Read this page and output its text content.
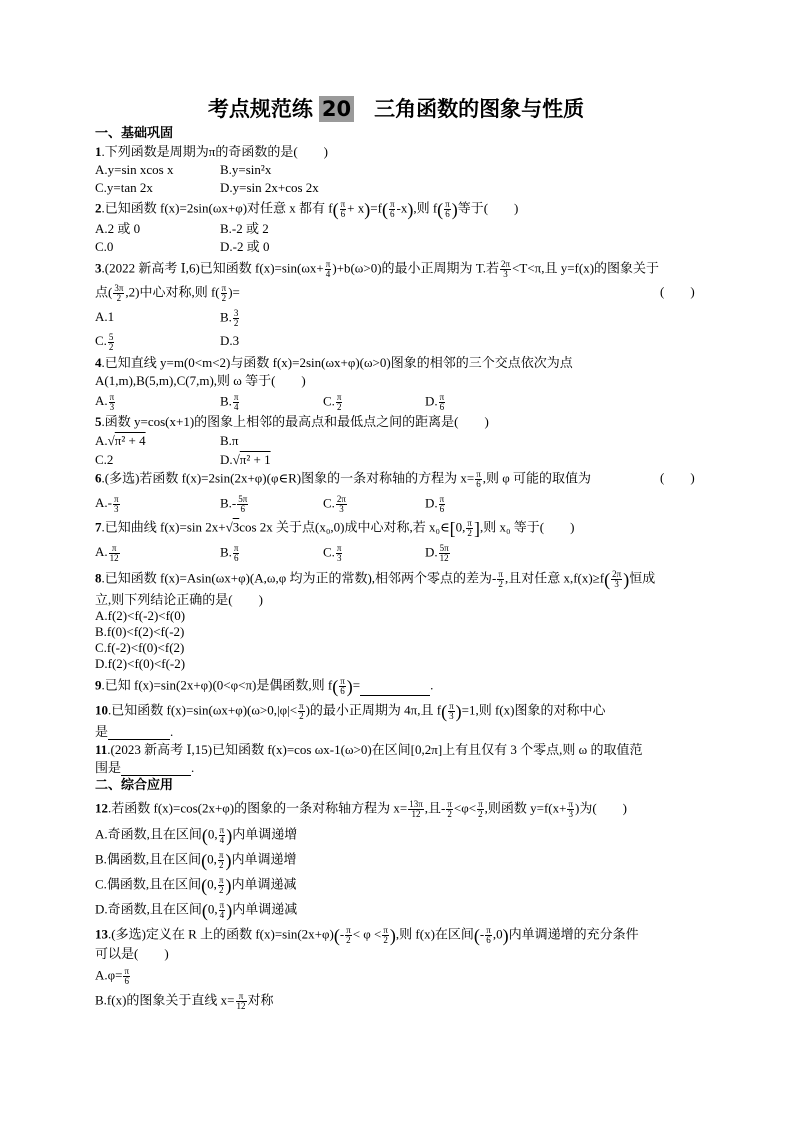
考点规范练 20 三角函数的图象与性质
一、基础巩固
1.下列函数是周期为π的奇函数的是(　　)
A.y=sin xcos x	B.y=sin²x
C.y=tan 2x	D.y=sin 2x+cos 2x
2.已知函数 f(x)=2sin(ωx+φ)对任意 x 都有 $f( \frac{\pi}{6} + x)=f( \frac{\pi}{6} -x)$,则 $f( \frac{\pi}{6}$ )等于(　　)
A.2 或 0	B.-2 或 2
C.0	D.-2 或 0
3.(2022 新高考 Ⅰ,6)已知函数 $f(x)=\sin(\omega x+ \frac{\pi}{4} )+b(\omega>0)$的最小正周期为 T.若 $\frac{2\pi}{3} <T<\pi$,且 y=f(x)的图象关于
点( $\frac{3\pi}{2} ,2$)中心对称,则 $f( \frac{\pi}{2}$ )=	(　　)
A.1	B. $\frac{3}{2}$
C. $\frac{5}{2}$	D.3
4.已知直线 y=m(0<m<2)与函数 f(x)=2sin(ωx+φ)(ω>0)图象的相邻的三个交点依次为点
A(1,m),B(5,m),C(7,m),则 ω 等于(　　)
A. $\frac{\pi}{3}$	B. $\frac{\pi}{4}$	C. $\frac{\pi}{2}$	D. $\frac{\pi}{6}$
5.函数 y=cos(x+1)的图象上相邻的最高点和最低点之间的距离是(　　)
A.√π² + 4	B.π
C.2	D.√π² + 1
6.(多选)若函数 f(x)=2sin(2x+φ)(φ∈R)图象的一条对称轴的方程为 $x= \frac{\pi}{6}$ ,则 φ 可能的取值为	(　　)
$A.- \frac{\pi}{3}$	$B.- \frac{5\pi}{6}$	C. $\frac{2\pi}{3}$	D. $\frac{\pi}{6}$
7.已知曲线 f(x)=sin 2x+√3cos 2x 关于点(x₀,0)成中心对称,若 x₀∈[0, $\frac{\pi}{2}$ ],则 x₀ 等于(　　)
A. $\frac{\pi}{12}$	B. $\frac{\pi}{6}$	C. $\frac{\pi}{3}$	D. $\frac{5\pi}{12}$
8.已知函数 f(x)=Asin(ωx+φ)(A,ω,φ 均为正的常数),相邻两个零点的差为- $\frac{\pi}{2}$ ,且对任意 $x,f(x)\ge f( \frac{2\pi}{3}$ )恒成
立,则下列结论正确的是(　　)
A.f(2)<f(-2)<f(0)
B.f(0)<f(2)<f(-2)
C.f(-2)<f(0)<f(2)
D.f(2)<f(0)<f(-2)
9.已知 f(x)=sin(2x+φ)(0<φ<π)是偶函数,则 $f( \frac{\pi}{6}$ )=	.
10.已知函数 $f(x)=\sin(\omega x+\varphi)(\omega>0,|\varphi|< \frac{\pi}{2}$ )的最小正周期为 4π,且 $f( \frac{\pi}{3} )=1$,则 f(x)图象的对称中心
是	.
11.(2023 新高考 Ⅰ,15)已知函数 f(x)=cos ωx-1(ω>0)在区间[0,2π]上有且仅有 3 个零点,则 ω 的取值范
围是	.
二、综合应用
12.若函数 f(x)=cos(2x+φ)的图象的一条对称轴方程为 $x= \frac{13\pi}{12}$ ,且- $\frac{\pi}{2} <\varphi< \frac{\pi}{2}$ ,则函数 $y=f(x+ \frac{\pi}{3}$ )为(　　)
A.奇函数,且在区间(0, $\frac{\pi}{4}$ )内单调递增
B.偶函数,且在区间(0, $\frac{\pi}{2}$ )内单调递增
C.偶函数,且在区间(0, $\frac{\pi}{2}$ )内单调递减
D.奇函数,且在区间(0, $\frac{\pi}{4}$ )内单调递减
13.(多选)定义在 R 上的函数 $f(x)=\sin(2x+\varphi)(- \frac{\pi}{2} < \varphi < \frac{\pi}{2}$ ),则 f(x)在区间(- $\frac{\pi}{6} ,0$)内单调递增的充分条件
可以是(　　)
$A.\varphi= \frac{\pi}{6}$
B.f(x)的图象关于直线 $x= \frac{\pi}{12}$ 对称
